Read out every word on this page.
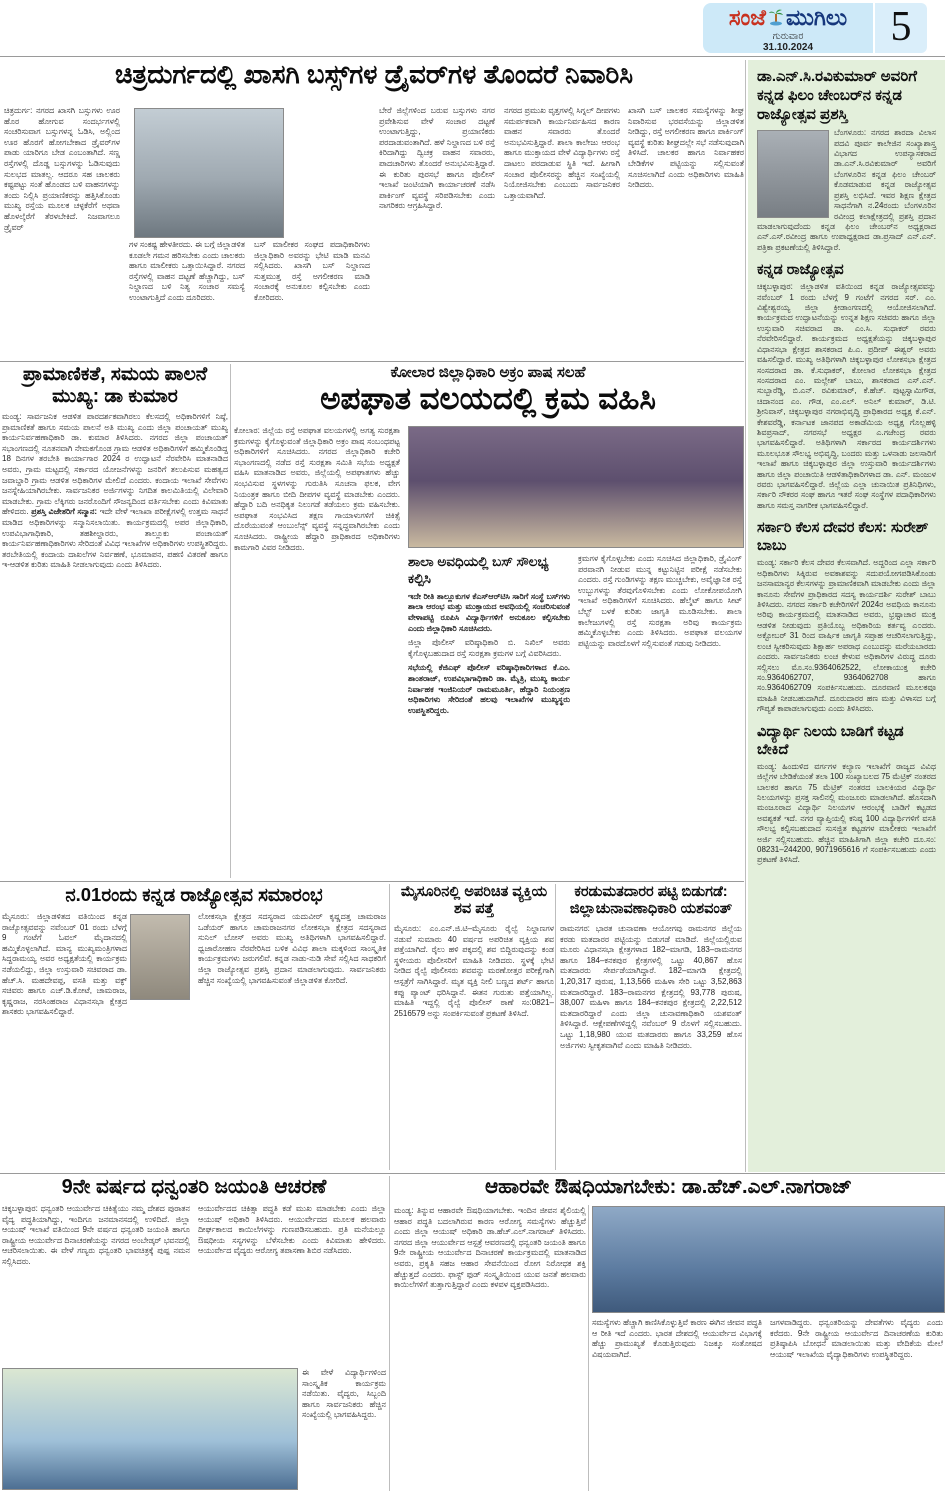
ಸಂಜೆ ಮುಗಿಲು
ಗುರುವಾರ
31.10.2024	5
ಚಿತ್ರದುರ್ಗದಲ್ಲಿ ಖಾಸಗಿ ಬಸ್ಸ್‌ಗಳ ಡ್ರೈವರ್‌ಗಳ ತೊಂದರೆ ನಿವಾರಿಸಿ
ಚಿತ್ರದುರ್ಗ: ನಗರದ ಖಾಸಗಿ ಬಸ್ಸುಗಳು ಊರ ಹೊರ ಹೋಗುವ ಸಂದರ್ಭಗಳಲ್ಲಿ ಸಂಚರಿಸುವಾಗ ಬಸ್ಸುಗಳನ್ನ ಓಡಿಸಿ, ಅಲ್ಲಿಂದ ಊರ ಹೊರಗೆ ಹೋಗಬೇಕಾದ ಡ್ರೈವರ್‌ಗಳ ಪಾಡು ಯಾರಿಗೂ ಬೇಡ ಎಂಬಂತಾಗಿದೆ. ಸಣ್ಣ ರಸ್ತೆಗಳಲ್ಲಿ ದೊಡ್ಡ ಬಸ್ಸುಗಳನ್ನು ಓಡಿಸುವುದು ಸುಲಭದ ಮಾತಲ್ಲ. ಆದರೂ ಸಹ ಚಾಲಕರು ಕಷ್ಟಪಟ್ಟು ಸಂತೆ ಹೊಂಡದ ಬಳಿ ವಾಹನಗಳನ್ನು ತಂದು ನಿಲ್ಲಿಸಿ ಪ್ರಯಾಣಿಕರನ್ನು ಹತ್ತಿಸಿಕೊಂಡು ಮುಖ್ಯ ರಸ್ತೆಯ ಮೂಲಕ ಚಳ್ಳಕೆರೆಗೆ ಅಥವಾ ಹೊಳಲ್ಕೆರೆಗೆ ತೆರಳಬೇಕಿದೆ. ನಿಜವಾಗಲೂ ಡ್ರೈವರ್
ಗಳ ಸಂಕಷ್ಟ ಹೇಳತೀರದು. ಈ ಬಗ್ಗೆ ಜಿಲ್ಲಾಡಳಿತ ಕೂಡಲೇ ಗಮನ ಹರಿಸಬೇಕು ಎಂದು ಚಾಲಕರು ಹಾಗೂ ಮಾಲೀಕರು ಒತ್ತಾಯಿಸಿದ್ದಾರೆ. ನಗರದ ರಸ್ತೆಗಳಲ್ಲಿ ವಾಹನ ದಟ್ಟಣೆ ಹೆಚ್ಚಾಗಿದ್ದು, ಬಸ್ ನಿಲ್ದಾಣದ ಬಳಿ ನಿತ್ಯ ಸಂಚಾರ ಸಮಸ್ಯೆ ಉಂಟಾಗುತ್ತಿದೆ ಎಂದು ದೂರಿದರು.
ಬಸ್ ಮಾಲೀಕರ ಸಂಘದ ಪದಾಧಿಕಾರಿಗಳು ಜಿಲ್ಲಾಧಿಕಾರಿ ಅವರನ್ನು ಭೇಟಿ ಮಾಡಿ ಮನವಿ ಸಲ್ಲಿಸಿದರು. ಖಾಸಗಿ ಬಸ್ ನಿಲ್ದಾಣದ ಸುತ್ತಮುತ್ತ ರಸ್ತೆ ಅಗಲೀಕರಣ ಮಾಡಿ ಸಂಚಾರಕ್ಕೆ ಅನುಕೂಲ ಕಲ್ಪಿಸಬೇಕು ಎಂದು ಕೋರಿದರು.
ಬೇರೆ ಜಿಲ್ಲೆಗಳಿಂದ ಬರುವ ಬಸ್ಸುಗಳು ನಗರ ಪ್ರವೇಶಿಸುವ ವೇಳೆ ಸಂಚಾರ ದಟ್ಟಣೆ ಉಂಟಾಗುತ್ತಿದ್ದು, ಪ್ರಯಾಣಿಕರು ಪರದಾಡುವಂತಾಗಿದೆ. ಹಳೆ ನಿಲ್ದಾಣದ ಬಳಿ ರಸ್ತೆ ಕಿರಿದಾಗಿದ್ದು ದ್ವಿಚಕ್ರ ವಾಹನ ಸವಾರರು, ಪಾದಚಾರಿಗಳು ತೊಂದರೆ ಅನುಭವಿಸುತ್ತಿದ್ದಾರೆ. ಈ ಕುರಿತು ಪುರಸಭೆ ಹಾಗೂ ಪೊಲೀಸ್ ಇಲಾಖೆ ಜಂಟಿಯಾಗಿ ಕಾರ್ಯಾಚರಣೆ ನಡೆಸಿ ಪಾರ್ಕಿಂಗ್ ವ್ಯವಸ್ಥೆ ಸರಿಪಡಿಸಬೇಕು ಎಂದು ನಾಗರಿಕರು ಆಗ್ರಹಿಸಿದ್ದಾರೆ.
ನಗರದ ಪ್ರಮುಖ ವೃತ್ತಗಳಲ್ಲಿ ಸಿಗ್ನಲ್ ದೀಪಗಳು ಸಮರ್ಪಕವಾಗಿ ಕಾರ್ಯನಿರ್ವಹಿಸದ ಕಾರಣ ವಾಹನ ಸವಾರರು ತೊಂದರೆ ಅನುಭವಿಸುತ್ತಿದ್ದಾರೆ. ಶಾಲಾ ಕಾಲೇಜು ಆರಂಭ ಹಾಗೂ ಮುಕ್ತಾಯದ ವೇಳೆ ವಿದ್ಯಾರ್ಥಿಗಳು ರಸ್ತೆ ದಾಟಲು ಪರದಾಡುವ ಸ್ಥಿತಿ ಇದೆ. ಹೀಗಾಗಿ ಸಂಚಾರ ಪೊಲೀಸರನ್ನು ಹೆಚ್ಚಿನ ಸಂಖ್ಯೆಯಲ್ಲಿ ನಿಯೋಜಿಸಬೇಕು ಎಂಬುದು ಸಾರ್ವಜನಿಕರ ಒತ್ತಾಯವಾಗಿದೆ.
ಖಾಸಗಿ ಬಸ್ ಚಾಲಕರ ಸಮಸ್ಯೆಗಳನ್ನು ಶೀಘ್ರ ನಿವಾರಿಸುವ ಭರವಸೆಯನ್ನು ಜಿಲ್ಲಾಡಳಿತ ನೀಡಿದ್ದು, ರಸ್ತೆ ಅಗಲೀಕರಣ ಹಾಗೂ ಪಾರ್ಕಿಂಗ್ ವ್ಯವಸ್ಥೆ ಕುರಿತು ಶೀಘ್ರದಲ್ಲೇ ಸಭೆ ನಡೆಸುವುದಾಗಿ ತಿಳಿಸಿದೆ. ಚಾಲಕರ ಹಾಗೂ ನಿರ್ವಾಹಕರ ಬೇಡಿಕೆಗಳ ಪಟ್ಟಿಯನ್ನು ಸಲ್ಲಿಸುವಂತೆ ಸೂಚಿಸಲಾಗಿದೆ ಎಂದು ಅಧಿಕಾರಿಗಳು ಮಾಹಿತಿ ನೀಡಿದರು.
ಪ್ರಾಮಾಣಿಕತೆ, ಸಮಯ ಪಾಲನೆ ಮುಖ್ಯ: ಡಾ ಕುಮಾರ
ಮಂಡ್ಯ: ಸಾರ್ವಜನಿಕ ಆಡಳಿತ ಪಾರದರ್ಶಕವಾಗಿರಲು ಕೆಲಸದಲ್ಲಿ ಅಧಿಕಾರಿಗಳಿಗೆ ನಿಷ್ಠೆ, ಪ್ರಾಮಾಣಿಕತೆ ಹಾಗೂ ಸಮಯ ಪಾಲನೆ ಅತಿ ಮುಖ್ಯ ಎಂದು ಜಿಲ್ಲಾ ಪಂಚಾಯತ್ ಮುಖ್ಯ ಕಾರ್ಯನಿರ್ವಹಣಾಧಿಕಾರಿ ಡಾ. ಕುಮಾರ ತಿಳಿಸಿದರು. ನಗರದ ಜಿಲ್ಲಾ ಪಂಚಾಯತ್ ಸಭಾಂಗಣದಲ್ಲಿ ನೂತನವಾಗಿ ನೇಮಕಗೊಂಡ ಗ್ರಾಮ ಆಡಳಿತ ಅಧಿಕಾರಿಗಳಿಗೆ ಹಮ್ಮಿಕೊಂಡಿದ್ದ 18 ದಿನಗಳ ತರಬೇತಿ ಕಾರ್ಯಾಗಾರ 2024 ರ ಉದ್ಘಾಟನೆ ನೆರವೇರಿಸಿ ಮಾತನಾಡಿದ ಅವರು, ಗ್ರಾಮ ಮಟ್ಟದಲ್ಲಿ ಸರ್ಕಾರದ ಯೋಜನೆಗಳನ್ನು ಜನರಿಗೆ ತಲುಪಿಸುವ ಮಹತ್ವದ ಜವಾಬ್ದಾರಿ ಗ್ರಾಮ ಆಡಳಿತ ಅಧಿಕಾರಿಗಳ ಮೇಲಿದೆ ಎಂದರು. ಕಂದಾಯ ಇಲಾಖೆ ಸೇವೆಗಳು ಜನಸ್ನೇಹಿಯಾಗಿರಬೇಕು. ಸಾರ್ವಜನಿಕರ ಅರ್ಜಿಗಳನ್ನು ನಿಗದಿತ ಕಾಲಮಿತಿಯಲ್ಲಿ ವಿಲೇವಾರಿ ಮಾಡಬೇಕು. ಗ್ರಾಮ ಲೆಕ್ಕಿಗರು ಜನರೊಂದಿಗೆ ಸೌಜನ್ಯದಿಂದ ವರ್ತಿಸಬೇಕು ಎಂದು ಕಿವಿಮಾತು ಹೇಳಿದರು. ಪ್ರಶಸ್ತಿ ವಿಜೇತರಿಗೆ ಸನ್ಮಾನ: ಇದೇ ವೇಳೆ ಇಲಾಖಾ ಪರೀಕ್ಷೆಗಳಲ್ಲಿ ಉತ್ತಮ ಸಾಧನೆ ಮಾಡಿದ ಅಧಿಕಾರಿಗಳನ್ನು ಸನ್ಮಾನಿಸಲಾಯಿತು. ಕಾರ್ಯಕ್ರಮದಲ್ಲಿ ಅಪರ ಜಿಲ್ಲಾಧಿಕಾರಿ, ಉಪವಿಭಾಗಾಧಿಕಾರಿ, ತಹಶೀಲ್ದಾರರು, ತಾಲ್ಲೂಕು ಪಂಚಾಯತ್ ಕಾರ್ಯನಿರ್ವಹಣಾಧಿಕಾರಿಗಳು ಸೇರಿದಂತೆ ವಿವಿಧ ಇಲಾಖೆಗಳ ಅಧಿಕಾರಿಗಳು ಉಪಸ್ಥಿತರಿದ್ದರು. ತರಬೇತಿಯಲ್ಲಿ ಕಂದಾಯ ದಾಖಲೆಗಳ ನಿರ್ವಹಣೆ, ಭೂಮಾಪನ, ಪಹಣಿ ವಿತರಣೆ ಹಾಗೂ ಇ-ಆಡಳಿತ ಕುರಿತು ಮಾಹಿತಿ ನೀಡಲಾಗುವುದು ಎಂದು ತಿಳಿಸಿದರು.
ಕೋಲಾರ ಜಿಲ್ಲಾಧಿಕಾರಿ ಅಕ್ರಂ ಪಾಷ ಸಲಹೆ
ಅಪಘಾತ ವಲಯದಲ್ಲಿ ಕ್ರಮ ವಹಿಸಿ
ಕೋಲಾರ: ಜಿಲ್ಲೆಯ ರಸ್ತೆ ಅಪಘಾತ ವಲಯಗಳಲ್ಲಿ ಅಗತ್ಯ ಸುರಕ್ಷತಾ ಕ್ರಮಗಳನ್ನು ಕೈಗೊಳ್ಳುವಂತೆ ಜಿಲ್ಲಾಧಿಕಾರಿ ಅಕ್ರಂ ಪಾಷ ಸಂಬಂಧಪಟ್ಟ ಅಧಿಕಾರಿಗಳಿಗೆ ಸೂಚಿಸಿದರು. ನಗರದ ಜಿಲ್ಲಾಧಿಕಾರಿ ಕಚೇರಿ ಸಭಾಂಗಣದಲ್ಲಿ ನಡೆದ ರಸ್ತೆ ಸುರಕ್ಷತಾ ಸಮಿತಿ ಸಭೆಯ ಅಧ್ಯಕ್ಷತೆ ವಹಿಸಿ ಮಾತನಾಡಿದ ಅವರು, ಜಿಲ್ಲೆಯಲ್ಲಿ ಅಪಘಾತಗಳು ಹೆಚ್ಚು ಸಂಭವಿಸುವ ಸ್ಥಳಗಳನ್ನು ಗುರುತಿಸಿ ಸೂಚನಾ ಫಲಕ, ವೇಗ ನಿಯಂತ್ರಕ ಹಾಗೂ ಬೀದಿ ದೀಪಗಳ ವ್ಯವಸ್ಥೆ ಮಾಡಬೇಕು ಎಂದರು. ಹೆದ್ದಾರಿ ಬದಿ ಅನಧಿಕೃತ ನಿಲುಗಡೆ ತಡೆಯಲು ಕ್ರಮ ವಹಿಸಬೇಕು. ಅಪಘಾತ ಸಂಭವಿಸಿದ ತಕ್ಷಣ ಗಾಯಾಳುಗಳಿಗೆ ಚಿಕಿತ್ಸೆ ದೊರೆಯುವಂತೆ ಆಂಬುಲೆನ್ಸ್ ವ್ಯವಸ್ಥೆ ಸನ್ನದ್ಧವಾಗಿರಬೇಕು ಎಂದು ಸೂಚಿಸಿದರು. ರಾಷ್ಟ್ರೀಯ ಹೆದ್ದಾರಿ ಪ್ರಾಧಿಕಾರದ ಅಧಿಕಾರಿಗಳು ಕಾಮಗಾರಿ ವಿವರ ನೀಡಿದರು.
ಶಾಲಾ ಅವಧಿಯಲ್ಲಿ ಬಸ್ ಸೌಲಭ್ಯ ಕಲ್ಪಿಸಿ
ಇದೇ ರೀತಿ ತಾಲ್ಲೂಕುಗಳ ಕೆಎಸ್‌ಆರ್‌ಟಿಸಿ ಸಾರಿಗೆ ಸಂಸ್ಥೆ ಬಸ್‌ಗಳು ಶಾಲಾ ಆರಂಭ ಮತ್ತು ಮುಕ್ತಾಯದ ಅವಧಿಯಲ್ಲಿ ಸಂಚರಿಸುವಂತೆ ವೇಳಾಪಟ್ಟಿ ರೂಪಿಸಿ ವಿದ್ಯಾರ್ಥಿಗಳಿಗೆ ಅನುಕೂಲ ಕಲ್ಪಿಸಬೇಕು ಎಂದು ಜಿಲ್ಲಾಧಿಕಾರಿ ಸೂಚಿಸಿದರು.
ಜಿಲ್ಲಾ ಪೊಲೀಸ್ ವರಿಷ್ಠಾಧಿಕಾರಿ ಬಿ. ನಿಖಿಲ್ ಅವರು ಕೈಗೊಳ್ಳಬಹುದಾದ ರಸ್ತೆ ಸುರಕ್ಷತಾ ಕ್ರಮಗಳ ಬಗ್ಗೆ ವಿವರಿಸಿದರು.
ಸಭೆಯಲ್ಲಿ ಕೆಜಿಎಫ್ ಪೊಲೀಸ್ ವರಿಷ್ಠಾಧಿಕಾರಿಗಳಾದ ಕೆ.ಎಂ. ಶಾಂತರಾಜ್, ಉಪವಿಭಾಗಾಧಿಕಾರಿ ಡಾ. ಮೈತ್ರಿ, ಮುಖ್ಯ ಕಾರ್ಯ ನಿರ್ವಾಹಕ ಇಂಜಿನಿಯರ್ ರಾಮಮೂರ್ತಿ, ಹೆದ್ದಾರಿ ನಿಯಂತ್ರಣ ಅಧಿಕಾರಿಗಳು ಸೇರಿದಂತೆ ಹಲವು ಇಲಾಖೆಗಳ ಮುಖ್ಯಸ್ಥರು ಉಪಸ್ಥಿತರಿದ್ದರು.
ಕ್ರಮಗಳ ಕೈಗೊಳ್ಳಬೇಕು ಎಂದು ಸೂಚಿಸಿದ ಜಿಲ್ಲಾಧಿಕಾರಿ, ಡ್ರೈವಿಂಗ್ ಪರವಾನಗಿ ನೀಡುವ ಮುನ್ನ ಕಟ್ಟುನಿಟ್ಟಿನ ಪರೀಕ್ಷೆ ನಡೆಸಬೇಕು ಎಂದರು. ರಸ್ತೆ ಗುಂಡಿಗಳನ್ನು ತಕ್ಷಣ ಮುಚ್ಚಬೇಕು, ಅವೈಜ್ಞಾನಿಕ ರಸ್ತೆ ಉಬ್ಬುಗಳನ್ನು ತೆರವುಗೊಳಿಸಬೇಕು ಎಂದು ಲೋಕೋಪಯೋಗಿ ಇಲಾಖೆ ಅಧಿಕಾರಿಗಳಿಗೆ ಸೂಚಿಸಿದರು. ಹೆಲ್ಮೆಟ್ ಹಾಗೂ ಸೀಟ್ ಬೆಲ್ಟ್ ಬಳಕೆ ಕುರಿತು ಜಾಗೃತಿ ಮೂಡಿಸಬೇಕು. ಶಾಲಾ ಕಾಲೇಜುಗಳಲ್ಲಿ ರಸ್ತೆ ಸುರಕ್ಷತಾ ಅರಿವು ಕಾರ್ಯಕ್ರಮ ಹಮ್ಮಿಕೊಳ್ಳಬೇಕು ಎಂದು ತಿಳಿಸಿದರು. ಅಪಘಾತ ವಲಯಗಳ ಪಟ್ಟಿಯನ್ನು ವಾರದೊಳಗೆ ಸಲ್ಲಿಸುವಂತೆ ಗಡುವು ನೀಡಿದರು.
ನ.01ರಂದು ಕನ್ನಡ ರಾಜ್ಯೋತ್ಸವ ಸಮಾರಂಭ
ಮೈಸೂರು: ಜಿಲ್ಲಾಡಳಿತದ ವತಿಯಿಂದ ಕನ್ನಡ ರಾಜ್ಯೋತ್ಸವವನ್ನು ನವೆಂಬರ್ 01 ರಂದು ಬೆಳಗ್ಗೆ 9 ಗಂಟೆಗೆ ಓವಲ್ ಮೈದಾನದಲ್ಲಿ ಹಮ್ಮಿಕೊಳ್ಳಲಾಗಿದೆ. ಮಾನ್ಯ ಮುಖ್ಯಮಂತ್ರಿಗಳಾದ ಸಿದ್ದರಾಮಯ್ಯ ಅವರ ಅಧ್ಯಕ್ಷತೆಯಲ್ಲಿ ಕಾರ್ಯಕ್ರಮ ನಡೆಯಲಿದ್ದು, ಜಿಲ್ಲಾ ಉಸ್ತುವಾರಿ ಸಚಿವರಾದ ಡಾ. ಹೆಚ್.ಸಿ. ಮಹದೇವಪ್ಪ, ವಸತಿ ಮತ್ತು ವಕ್ಫ್ ಸಚಿವರು ಹಾಗೂ ಎಚ್.ಡಿ.ಕೋಟೆ, ಚಾಮರಾಜ, ಕೃಷ್ಣರಾಜ, ನರಸಿಂಹರಾಜ ವಿಧಾನಸಭಾ ಕ್ಷೇತ್ರದ ಶಾಸಕರು ಭಾಗವಹಿಸಲಿದ್ದಾರೆ.
ಲೋಕಸಭಾ ಕ್ಷೇತ್ರದ ಸದಸ್ಯರಾದ ಯದುವೀರ್ ಕೃಷ್ಣದತ್ತ ಚಾಮರಾಜ ಒಡೆಯರ್ ಹಾಗೂ ಚಾಮರಾಜನಗರ ಲೋಕಸಭಾ ಕ್ಷೇತ್ರದ ಸದಸ್ಯರಾದ ಸುನಿಲ್ ಬೋಸ್ ಅವರು ಮುಖ್ಯ ಅತಿಥಿಗಳಾಗಿ ಭಾಗವಹಿಸಲಿದ್ದಾರೆ. ಧ್ವಜಾರೋಹಣ ನೆರವೇರಿಸಿದ ಬಳಿಕ ವಿವಿಧ ಶಾಲಾ ಮಕ್ಕಳಿಂದ ಸಾಂಸ್ಕೃತಿಕ ಕಾರ್ಯಕ್ರಮಗಳು ಜರುಗಲಿವೆ. ಕನ್ನಡ ನಾಡು-ನುಡಿ ಸೇವೆ ಸಲ್ಲಿಸಿದ ಸಾಧಕರಿಗೆ ಜಿಲ್ಲಾ ರಾಜ್ಯೋತ್ಸವ ಪ್ರಶಸ್ತಿ ಪ್ರದಾನ ಮಾಡಲಾಗುವುದು. ಸಾರ್ವಜನಿಕರು ಹೆಚ್ಚಿನ ಸಂಖ್ಯೆಯಲ್ಲಿ ಭಾಗವಹಿಸುವಂತೆ ಜಿಲ್ಲಾಡಳಿತ ಕೋರಿದೆ.
ಮೈಸೂರಿನಲ್ಲಿ ಅಪರಿಚಿತ ವ್ಯಕ್ತಿಯ ಶವ ಪತ್ತೆ
ಮೈಸೂರು: ಎಂ.ಎನ್.ಜಿ.ಟಿ–ಮೈಸೂರು ರೈಲ್ವೆ ನಿಲ್ದಾಣಗಳ ನಡುವೆ ಸುಮಾರು 40 ವರ್ಷದ ಅಪರಿಚಿತ ವ್ಯಕ್ತಿಯ ಶವ ಪತ್ತೆಯಾಗಿದೆ. ರೈಲು ಹಳಿ ಪಕ್ಕದಲ್ಲಿ ಶವ ಬಿದ್ದಿರುವುದನ್ನು ಕಂಡ ಸ್ಥಳೀಯರು ಪೊಲೀಸರಿಗೆ ಮಾಹಿತಿ ನೀಡಿದರು. ಸ್ಥಳಕ್ಕೆ ಭೇಟಿ ನೀಡಿದ ರೈಲ್ವೆ ಪೊಲೀಸರು ಶವವನ್ನು ಮರಣೋತ್ತರ ಪರೀಕ್ಷೆಗಾಗಿ ಆಸ್ಪತ್ರೆಗೆ ಸಾಗಿಸಿದ್ದಾರೆ. ಮೃತ ವ್ಯಕ್ತಿ ನೀಲಿ ಬಣ್ಣದ ಶರ್ಟ್ ಹಾಗೂ ಕಪ್ಪು ಪ್ಯಾಂಟ್ ಧರಿಸಿದ್ದಾನೆ. ಈತನ ಗುರುತು ಪತ್ತೆಯಾಗಿಲ್ಲ. ಮಾಹಿತಿ ಇದ್ದಲ್ಲಿ ರೈಲ್ವೆ ಪೊಲೀಸ್ ಠಾಣೆ ಸಂ:0821–2516579 ಅನ್ನು ಸಂಪರ್ಕಿಸುವಂತೆ ಪ್ರಕಟಣೆ ತಿಳಿಸಿದೆ.
ಕರಡುಮತದಾರರ ಪಟ್ಟಿ ಬಿಡುಗಡೆ: ಜಿಲ್ಲಾಚುನಾವಣಾಧಿಕಾರಿ ಯಶವಂತ್
ರಾಮನಗರ: ಭಾರತ ಚುನಾವಣಾ ಆಯೋಗವು ರಾಮನಗರ ಜಿಲ್ಲೆಯ ಕರಡು ಮತದಾರರ ಪಟ್ಟಿಯನ್ನು ಬಿಡುಗಡೆ ಮಾಡಿದೆ. ಜಿಲ್ಲೆಯಲ್ಲಿರುವ ಮೂರು ವಿಧಾನಸಭಾ ಕ್ಷೇತ್ರಗಳಾದ 182–ಮಾಗಡಿ, 183–ರಾಮನಗರ ಹಾಗೂ 184–ಕನಕಪುರ ಕ್ಷೇತ್ರಗಳಲ್ಲಿ ಒಟ್ಟು 40,867 ಹೊಸ ಮತದಾರರು ಸೇರ್ಪಡೆಯಾಗಿದ್ದಾರೆ. 182–ಮಾಗಡಿ ಕ್ಷೇತ್ರದಲ್ಲಿ 1,20,317 ಪುರುಷ, 1,13,566 ಮಹಿಳಾ ಸೇರಿ ಒಟ್ಟು 3,52,863 ಮತದಾರರಿದ್ದಾರೆ. 183–ರಾಮನಗರ ಕ್ಷೇತ್ರದಲ್ಲಿ 93,778 ಪುರುಷ, 38,007 ಮಹಿಳಾ ಹಾಗೂ 184–ಕನಕಪುರ ಕ್ಷೇತ್ರದಲ್ಲಿ 2,22,512 ಮತದಾರರಿದ್ದಾರೆ ಎಂದು ಜಿಲ್ಲಾ ಚುನಾವಣಾಧಿಕಾರಿ ಯಶವಂತ್ ತಿಳಿಸಿದ್ದಾರೆ. ಆಕ್ಷೇಪಣೆಗಳಿದ್ದಲ್ಲಿ ನವೆಂಬರ್ 9 ರೊಳಗೆ ಸಲ್ಲಿಸಬಹುದು. ಒಟ್ಟು 1,18,980 ಯುವ ಮತದಾರರು ಹಾಗೂ 33,259 ಹೊಸ ಅರ್ಜಿಗಳು ಸ್ವೀಕೃತವಾಗಿವೆ ಎಂದು ಮಾಹಿತಿ ನೀಡಿದರು.
ಡಾ.ಎನ್.ಸಿ.ರವಿಕುಮಾರ್ ಅವರಿಗೆ ಕನ್ನಡ ಫಿಲಂ ಚೇಂಬರ್‌ನ ಕನ್ನಡ ರಾಜ್ಯೋತ್ಸವ ಪ್ರಶಸ್ತಿ
ಬೆಂಗಳೂರು: ನಗರದ ಶಾರದಾ ವಿಲಾಸ ಪದವಿ ಪೂರ್ವ ಕಾಲೇಜಿನ ಸಂಖ್ಯಾಶಾಸ್ತ್ರ ವಿಭಾಗದ ಉಪನ್ಯಾಸಕರಾದ ಡಾ.ಎನ್.ಸಿ.ರವಿಕುಮಾರ್ ಅವರಿಗೆ ಬೆಂಗಳೂರಿನ ಕನ್ನಡ ಫಿಲಂ ಚೇಂಬರ್ ಕೊಡಮಾಡುವ ಕನ್ನಡ ರಾಜ್ಯೋತ್ಸವ ಪ್ರಶಸ್ತಿ ಲಭಿಸಿದೆ. ಇವರ ಶಿಕ್ಷಣ ಕ್ಷೇತ್ರದ ಸಾಧನೆಗಾಗಿ ನ.24ರಂದು ಬೆಂಗಳೂರಿನ ರವೀಂದ್ರ ಕಲಾಕ್ಷೇತ್ರದಲ್ಲಿ ಪ್ರಶಸ್ತಿ ಪ್ರದಾನ ಮಾಡಲಾಗುವುದೆಂದು ಕನ್ನಡ ಫಿಲಂ ಚೇಂಬರ್‌ನ ಅಧ್ಯಕ್ಷರಾದ ಎನ್.ಎಸ್.ರವೀಂದ್ರ ಹಾಗೂ ಉಪಾಧ್ಯಕ್ಷರಾದ ಡಾ.ಪ್ರಸಾದ್ ಎನ್.ಎನ್. ಪತ್ರಿಕಾ ಪ್ರಕಟಣೆಯಲ್ಲಿ ತಿಳಿಸಿದ್ದಾರೆ.
ಕನ್ನಡ ರಾಜ್ಯೋತ್ಸವ
ಚಿಕ್ಕಬಳ್ಳಾಪುರ: ಜಿಲ್ಲಾಡಳಿತ ವತಿಯಿಂದ ಕನ್ನಡ ರಾಜ್ಯೋತ್ಸವವನ್ನು ನವೆಂಬರ್ 1 ರಂದು ಬೆಳಗ್ಗೆ 9 ಗಂಟೆಗೆ ನಗರದ ಸರ್. ಎಂ. ವಿಶ್ವೇಶ್ವರಯ್ಯ ಜಿಲ್ಲಾ ಕ್ರೀಡಾಂಗಣದಲ್ಲಿ ಆಯೋಜಿಸಲಾಗಿದೆ. ಕಾರ್ಯಕ್ರಮದ ಉದ್ಘಾಟನೆಯನ್ನು ಉನ್ನತ ಶಿಕ್ಷಣ ಸಚಿವರು ಹಾಗೂ ಜಿಲ್ಲಾ ಉಸ್ತುವಾರಿ ಸಚಿವರಾದ ಡಾ. ಎಂ.ಸಿ. ಸುಧಾಕರ್ ರವರು ನೆರವೇರಿಸಲಿದ್ದಾರೆ. ಕಾರ್ಯಕ್ರಮದ ಅಧ್ಯಕ್ಷತೆಯನ್ನು ಚಿಕ್ಕಬಳ್ಳಾಪುರ ವಿಧಾನಸಭಾ ಕ್ಷೇತ್ರದ ಶಾಸಕರಾದ ಪಿ.ಎ. ಪ್ರದೀಪ್ ಈಶ್ವರ್ ಅವರು ವಹಿಸಲಿದ್ದಾರೆ. ಮುಖ್ಯ ಅತಿಥಿಗಳಾಗಿ ಚಿಕ್ಕಬಳ್ಳಾಪುರ ಲೋಕಸಭಾ ಕ್ಷೇತ್ರದ ಸಂಸದರಾದ ಡಾ. ಕೆ.ಸುಧಾಕರ್, ಕೋಲಾರ ಲೋಕಸಭಾ ಕ್ಷೇತ್ರದ ಸಂಸದರಾದ ಎಂ. ಮಲ್ಲೇಶ್ ಬಾಬು, ಶಾಸಕರಾದ ಎಸ್.ಎನ್. ಸುಬ್ಬಾರೆಡ್ಡಿ, ಬಿ.ಎನ್. ರವಿಕುಮಾರ್, ಕೆ.ಹೆಚ್. ಪುಟ್ಟಸ್ವಾಮಿಗೌಡ, ಚಿದಾನಂದ ಎಂ. ಗೌಡ, ಎಂ.ಎಲ್. ಅನಿಲ್ ಕುಮಾರ್, ಡಿ.ಟಿ. ಶ್ರೀನಿವಾಸ್, ಚಿಕ್ಕಬಳ್ಳಾಪುರ ನಗರಾಭಿವೃದ್ಧಿ ಪ್ರಾಧಿಕಾರದ ಅಧ್ಯಕ್ಷ ಕೆ.ಎನ್. ಕೇಶವರೆಡ್ಡಿ, ಕರ್ನಾಟಕ ಜಾನಪದ ಅಕಾಡೆಮಿಯ ಅಧ್ಯಕ್ಷ ಗೊಲ್ಲಹಳ್ಳಿ ಶಿವಪ್ರಸಾದ್, ನಗರಸಭೆ ಅಧ್ಯಕ್ಷರ ಎ.ಗಜೇಂದ್ರ ರವರು ಭಾಗವಹಿಸಲಿದ್ದಾರೆ. ಅತಿಥಿಗಳಾಗಿ ಸರ್ಕಾರದ ಕಾರ್ಯದರ್ಶಿಗಳು ಮೂಲಭೂತ ಸೌಲಭ್ಯ ಅಭಿವೃದ್ಧಿ, ಬಂದರು ಮತ್ತು ಒಳನಾಡು ಜಲಸಾರಿಗೆ ಇಲಾಖೆ ಹಾಗೂ ಚಿಕ್ಕಬಳ್ಳಾಪುರ ಜಿಲ್ಲಾ ಉಸ್ತುವಾರಿ ಕಾರ್ಯದರ್ಶಿಗಳು ಹಾಗೂ ಜಿಲ್ಲಾ ಪಂಚಾಯಿತಿ ಆಡಳಿತಾಧಿಕಾರಿಗಳಾದ ಡಾ. ಎನ್. ಮಂಜುಳ ರವರು ಭಾಗವಹಿಸಲಿದ್ದಾರೆ. ಜಿಲ್ಲೆಯ ಎಲ್ಲಾ ಚುನಾಯಿತ ಪ್ರತಿನಿಧಿಗಳು, ಸರ್ಕಾರಿ ನೌಕರರ ಸಂಘ ಹಾಗೂ ಇತರೆ ಸಂಘ ಸಂಸ್ಥೆಗಳ ಪದಾಧಿಕಾರಿಗಳು ಹಾಗೂ ಸಮಸ್ತ ನಾಗರೀಕ ಭಾಗವಹಿಸಲಿದ್ದಾರೆ.
ಸರ್ಕಾರಿ ಕೆಲಸ ದೇವರ ಕೆಲಸ: ಸುರೇಶ್ ಬಾಬು
ಮಂಡ್ಯ: ಸರ್ಕಾರಿ ಕೆಲಸ ದೇವರ ಕೆಲಸವಾಗಿದೆ. ಅದ್ದರಿಂದ ಎಲ್ಲಾ ಸರ್ಕಾರಿ ಅಧಿಕಾರಿಗಳು ಸಿಕ್ಕಿರುವ ಅವಕಾಶವನ್ನು ಸದುಪಯೋಗಪಡಿಸಿಕೊಂಡು ಜನಸಾಮಾನ್ಯರ ಕೆಲಸಗಳನ್ನು ಪ್ರಾಮಾಣಿಕವಾಗಿ ಮಾಡಬೇಕು ಎಂದು ಜಿಲ್ಲಾ ಕಾನೂನು ಸೇವೆಗಳ ಪ್ರಾಧಿಕಾರದ ಸದಸ್ಯ ಕಾರ್ಯದರ್ಶಿ ಸುರೇಶ್ ಬಾಬು ತಿಳಿಸಿದರು. ನಗರದ ಸರ್ಕಾರಿ ಕಚೇರಿಗಳಿಗೆ 2024ರ ಅವಧಿಯ ಕಾನೂನು ಅರಿವು ಕಾರ್ಯಕ್ರಮದಲ್ಲಿ ಮಾತನಾಡಿದ ಅವರು, ಭ್ರಷ್ಟಾಚಾರ ಮುಕ್ತ ಆಡಳಿತ ನೀಡುವುದು ಪ್ರತಿಯೊಬ್ಬ ಅಧಿಕಾರಿಯ ಕರ್ತವ್ಯ ಎ೦ದರು. ಅಕ್ಟೋಬರ್ 31 ರಿಂದ ವಾರ್ಷಿಕ ಜಾಗೃತಿ ಸಪ್ತಾಹ ಆಚರಿಸಲಾಗುತ್ತಿದ್ದು, ಲಂಚ ಸ್ವೀಕರಿಸುವುದು ಶಿಕ್ಷಾರ್ಹ ಅಪರಾಧ ಎಂಬುದನ್ನು ಮರೆಯಬಾರದು ಎಂದರು. ಸಾರ್ವಜನಿಕರು ಲಂಚ ಕೇಳುವ ಅಧಿಕಾರಿಗಳ ವಿರುದ್ಧ ದೂರು ಸಲ್ಲಿಸಲು ಮೊ.ಸಂ.9364062522, ಲೋಕಾಯುಕ್ತ ಕಚೇರಿ ಸಂ.9364062707, 9364062708 ಹಾಗೂ ಸಂ.9364062709 ಸಂಪರ್ಕಿಸಬಹುದು. ದೂರವಾಣಿ ಮೂಲಕವೂ ಮಾಹಿತಿ ನೀಡಬಹುದಾಗಿದೆ. ದೂರುದಾರರ ಹಣ ಮತ್ತು ವಿಳಾಸದ ಬಗ್ಗೆ ಗೌಪ್ಯತೆ ಕಾಪಾಡಲಾಗುವುದು ಎಂದು ತಿಳಿಸಿದರು.
ವಿದ್ಯಾರ್ಥಿ ನಿಲಯ ಬಾಡಿಗೆ ಕಟ್ಟಡ ಬೇಕಿದೆ
ಮಂಡ್ಯ: ಹಿಂದುಳಿದ ವರ್ಗಗಳ ಕಲ್ಯಾಣ ಇಲಾಖೆಗೆ ರಾಜ್ಯದ ವಿವಿಧ ಜಿಲ್ಲೆಗಳ ಬೇಡಿಕೆಯಂತೆ ತಲಾ 100 ಸಂಖ್ಯಾಬಲದ 75 ಮೆಟ್ರಿಕ್ ನಂತರದ ಬಾಲಕರ ಹಾಗೂ 75 ಮೆಟ್ರಿಕ್ ನಂತರದ ಬಾಲಕಿಯರ ವಿದ್ಯಾರ್ಥಿ ನಿಲಯಗಳನ್ನು ಪ್ರಸಕ್ತ ಸಾಲಿನಲ್ಲಿ ಮಂಜೂರು ಮಾಡಲಾಗಿದೆ. ಹೊಸದಾಗಿ ಮಂಜೂರಾದ ವಿದ್ಯಾರ್ಥಿ ನಿಲಯಗಳ ಆರಂಭಕ್ಕೆ ಬಾಡಿಗೆ ಕಟ್ಟಡದ ಅವಶ್ಯಕತೆ ಇದೆ. ನಗರ ವ್ಯಾಪ್ತಿಯಲ್ಲಿ ಕನಿಷ್ಠ 100 ವಿದ್ಯಾರ್ಥಿಗಳಿಗೆ ವಸತಿ ಸೌಲಭ್ಯ ಕಲ್ಪಿಸಬಹುದಾದ ಸುಸಜ್ಜಿತ ಕಟ್ಟಡಗಳ ಮಾಲೀಕರು ಇಲಾಖೆಗೆ ಅರ್ಜಿ ಸಲ್ಲಿಸಬಹುದು. ಹೆಚ್ಚಿನ ಮಾಹಿತಿಗಾಗಿ ಜಿಲ್ಲಾ ಕಚೇರಿ ದೂ.ಸಂ: 08231–244200, 9071965616 ಗೆ ಸಂಪರ್ಕಿಸಬಹುದು ಎಂದು ಪ್ರಕಟಣೆ ತಿಳಿಸಿದೆ.
9ನೇ ವರ್ಷದ ಧನ್ವಂತರಿ ಜಯಂತಿ ಆಚರಣೆ
ಚಿಕ್ಕಬಳ್ಳಾಪುರ: ಧನ್ವಂತರಿ ಆಯುರ್ವೇದ ಚಿಕಿತ್ಸೆಯು ನಮ್ಮ ದೇಶದ ಪುರಾತನ ವೈದ್ಯ ಪದ್ಧತಿಯಾಗಿದ್ದು, ಇಂದಿಗೂ ಜನಮಾನಸದಲ್ಲಿ ಉಳಿದಿದೆ. ಜಿಲ್ಲಾ ಆಯುಷ್ ಇಲಾಖೆ ವತಿಯಿಂದ 9ನೇ ವರ್ಷದ ಧನ್ವಂತರಿ ಜಯಂತಿ ಹಾಗೂ ರಾಷ್ಟ್ರೀಯ ಆಯುರ್ವೇದ ದಿನಾಚರಣೆಯನ್ನು ನಗರದ ಅಂಬೇಡ್ಕರ್ ಭವನದಲ್ಲಿ ಆಚರಿಸಲಾಯಿತು. ಈ ವೇಳೆ ಗಣ್ಯರು ಧನ್ವಂತರಿ ಭಾವಚಿತ್ರಕ್ಕೆ ಪುಷ್ಪ ನಮನ ಸಲ್ಲಿಸಿದರು.
ಆಯುರ್ವೇದದ ಚಿಕಿತ್ಸಾ ಪದ್ಧತಿ ಕಡೆ ಮುಖ ಮಾಡಬೇಕು ಎಂದು ಜಿಲ್ಲಾ ಆಯುಷ್ ಅಧಿಕಾರಿ ತಿಳಿಸಿದರು. ಆಯುರ್ವೇದದ ಮೂಲಕ ಹಲವಾರು ದೀರ್ಘಕಾಲದ ಕಾಯಿಲೆಗಳನ್ನು ಗುಣಪಡಿಸಬಹುದು. ಪ್ರತಿ ಮನೆಯಲ್ಲೂ ಔಷಧೀಯ ಸಸ್ಯಗಳನ್ನು ಬೆಳೆಸಬೇಕು ಎಂದು ಕಿವಿಮಾತು ಹೇಳಿದರು. ಆಯುರ್ವೇದ ವೈದ್ಯರು ಆರೋಗ್ಯ ತಪಾಸಣಾ ಶಿಬಿರ ನಡೆಸಿದರು.
ಈ ವೇಳೆ ವಿದ್ಯಾರ್ಥಿಗಳಿಂದ ಸಾಂಸ್ಕೃತಿಕ ಕಾರ್ಯಕ್ರಮ ನಡೆಯಿತು. ವೈದ್ಯರು, ಸಿಬ್ಬಂದಿ ಹಾಗೂ ಸಾರ್ವಜನಿಕರು ಹೆಚ್ಚಿನ ಸಂಖ್ಯೆಯಲ್ಲಿ ಭಾಗವಹಿಸಿದ್ದರು.
ಆಹಾರವೇ ಔಷಧಿಯಾಗಬೇಕು: ಡಾ.ಹೆಚ್.ಎಲ್.ನಾಗರಾಜ್
ಮಂಡ್ಯ: ತಿನ್ನುವ ಆಹಾರವೇ ಔಷಧಿಯಾಗಬೇಕು. ಇಂದಿನ ಜೀವನ ಶೈಲಿಯಲ್ಲಿ ಆಹಾರ ಪದ್ಧತಿ ಬದಲಾಗಿರುವ ಕಾರಣ ಆರೋಗ್ಯ ಸಮಸ್ಯೆಗಳು ಹೆಚ್ಚುತ್ತಿವೆ ಎಂದು ಜಿಲ್ಲಾ ಆಯುಷ್ ಅಧಿಕಾರಿ ಡಾ.ಹೆಚ್.ಎಲ್.ನಾಗರಾಜ್ ತಿಳಿಸಿದರು. ನಗರದ ಜಿಲ್ಲಾ ಆಯುರ್ವೇದ ಆಸ್ಪತ್ರೆ ಆವರಣದಲ್ಲಿ ಧನ್ವಂತರಿ ಜಯಂತಿ ಹಾಗೂ 9ನೇ ರಾಷ್ಟ್ರೀಯ ಆಯುರ್ವೇದ ದಿನಾಚರಣೆ ಕಾರ್ಯಕ್ರಮದಲ್ಲಿ ಮಾತನಾಡಿದ ಅವರು, ಪ್ರಕೃತಿ ಸಹಜ ಆಹಾರ ಸೇವನೆಯಿಂದ ರೋಗ ನಿರೋಧಕ ಶಕ್ತಿ ಹೆಚ್ಚುತ್ತದೆ ಎಂದರು. ಫಾಸ್ಟ್ ಫುಡ್ ಸಂಸ್ಕೃತಿಯಿಂದ ಯುವ ಜನತೆ ಹಲವಾರು ಕಾಯಿಲೆಗಳಿಗೆ ತುತ್ತಾಗುತ್ತಿದ್ದಾರೆ ಎಂದು ಕಳವಳ ವ್ಯಕ್ತಪಡಿಸಿದರು.
ಸಮಸ್ಯೆಗಳು ಹೆಚ್ಚಾಗಿ ಕಾಣಿಸಿಕೊಳ್ಳುತ್ತಿವೆ ಕಾರಣ ಈಗಿನ ಜೀವನ ಪದ್ಧತಿ ಆ ರೀತಿ ಇದೆ ಎಂದರು. ಭಾರತ ದೇಶದಲ್ಲಿ ಆಯುರ್ವೇದ ವಿಭಾಗಕ್ಕೆ ಹೆಚ್ಚು ಪ್ರಾಮುಖ್ಯತೆ ಕೊಡುತ್ತಿರುವುದು ನಿಜಕ್ಕೂ ಸಂತೋಷದ ವಿಷಯವಾಗಿದೆ.
ಜಗಳವಾಡಿದ್ದರು. ಧನ್ವಂತರಿಯನ್ನು ದೇವತೆಗಳು ವೈದ್ಯರು ಎಂದು ಕರೆದರು. 9ನೇ ರಾಷ್ಟ್ರೀಯ ಆಯುರ್ವೇದ ದಿನಾಚರಣೆಯ ಕುರಿತು ಪ್ರತಿಷ್ಠಾಪಿಸಿ ಬೋಧನೆ ಮಾಡಲಾಯಿತು ಮತ್ತು ವೇದಿಕೆಯ ಮೇಲೆ ಆಯುಷ್ ಇಲಾಖೆಯ ವೈದ್ಯಾಧಿಕಾರಿಗಳು ಉಪಸ್ಥಿತರಿದ್ದರು.
